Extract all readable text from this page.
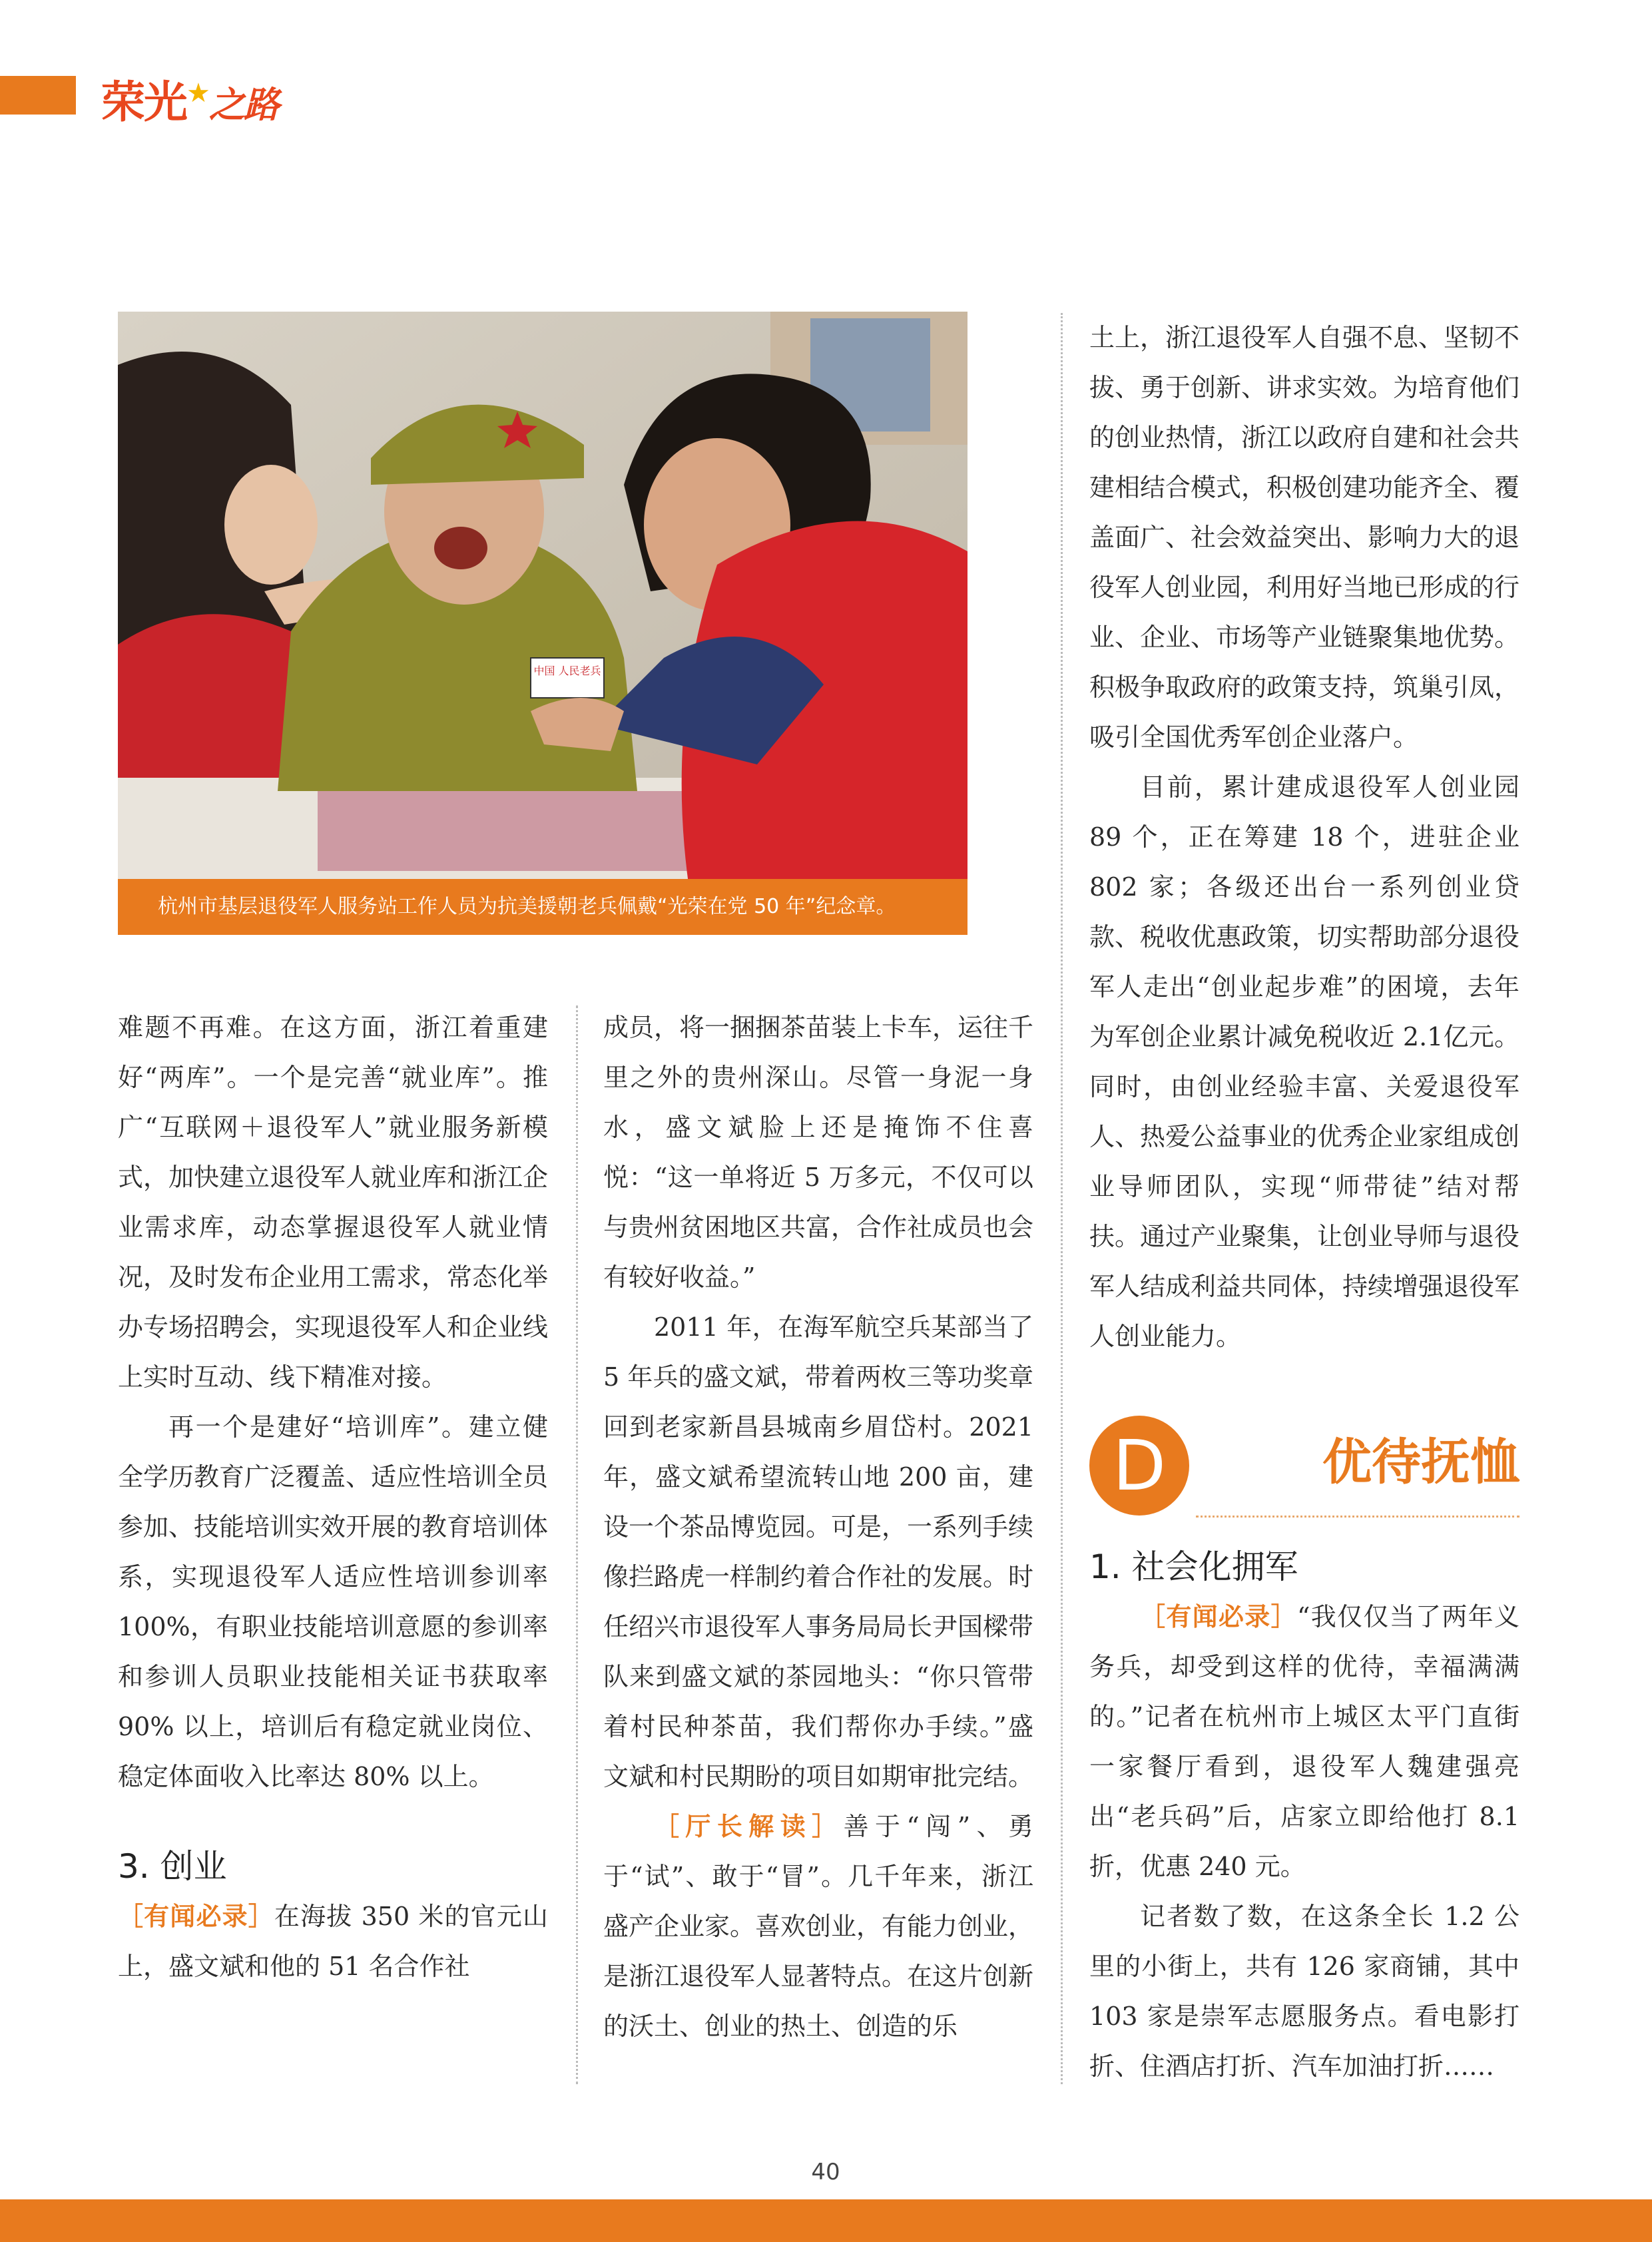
荣光★之路
中国 人民老兵
杭州市基层退役军人服务站工作人员为抗美援朝老兵佩戴“光荣在党 50 年”纪念章。

难题不再难。在这方面，浙江着重建好“两库”。一个是完善“就业库”。推广“互联网＋退役军人”就业服务新模式，加快建立退役军人就业库和浙江企业需求库，动态掌握退役军人就业情况，及时发布企业用工需求，常态化举办专场招聘会，实现退役军人和企业线上实时互动、线下精准对接。

再一个是建好“培训库”。建立健全学历教育广泛覆盖、适应性培训全员参加、技能培训实效开展的教育培训体系，实现退役军人适应性培训参训率 100%，有职业技能培训意愿的参训率和参训人员职业技能相关证书获取率 90% 以上，培训后有稳定就业岗位、稳定体面收入比率达 80% 以上。

3. 创业

［有闻必录］在海拔 350 米的官元山上，盛文斌和他的 51 名合作社

成员，将一捆捆茶苗装上卡车，运往千里之外的贵州深山。尽管一身泥一身水，盛文斌脸上还是掩饰不住喜悦：“这一单将近 5 万多元，不仅可以与贵州贫困地区共富，合作社成员也会有较好收益。”

2011 年，在海军航空兵某部当了 5 年兵的盛文斌，带着两枚三等功奖章回到老家新昌县城南乡眉岱村。2021 年，盛文斌希望流转山地 200 亩，建设一个茶品博览园。可是，一系列手续像拦路虎一样制约着合作社的发展。时任绍兴市退役军人事务局局长尹国樑带队来到盛文斌的茶园地头：“你只管带着村民种茶苗，我们帮你办手续。”盛文斌和村民期盼的项目如期审批完结。

［厅长解读］善于“闯”、勇于“试”、敢于“冒”。几千年来，浙江盛产企业家。喜欢创业，有能力创业，是浙江退役军人显著特点。在这片创新的沃土、创业的热土、创造的乐

土上，浙江退役军人自强不息、坚韧不拔、勇于创新、讲求实效。为培育他们的创业热情，浙江以政府自建和社会共建相结合模式，积极创建功能齐全、覆盖面广、社会效益突出、影响力大的退役军人创业园，利用好当地已形成的行业、企业、市场等产业链聚集地优势。积极争取政府的政策支持，筑巢引凤，吸引全国优秀军创企业落户。

目前，累计建成退役军人创业园 89 个，正在筹建 18 个，进驻企业 802 家；各级还出台一系列创业贷款、税收优惠政策，切实帮助部分退役军人走出“创业起步难”的困境，去年为军创企业累计减免税收近 2.1亿元。同时，由创业经验丰富、关爱退役军人、热爱公益事业的优秀企业家组成创业导师团队，实现“师带徒”结对帮扶。通过产业聚集，让创业导师与退役军人结成利益共同体，持续增强退役军人创业能力。

D	优待抚恤

1. 社会化拥军

［有闻必录］“我仅仅当了两年义务兵，却受到这样的优待，幸福满满的。”记者在杭州市上城区太平门直街一家餐厅看到，退役军人魏建强亮出“老兵码”后，店家立即给他打 8.1 折，优惠 240 元。

记者数了数，在这条全长 1.2 公里的小街上，共有 126 家商铺，其中 103 家是崇军志愿服务点。看电影打折、住酒店打折、汽车加油打折……

40
